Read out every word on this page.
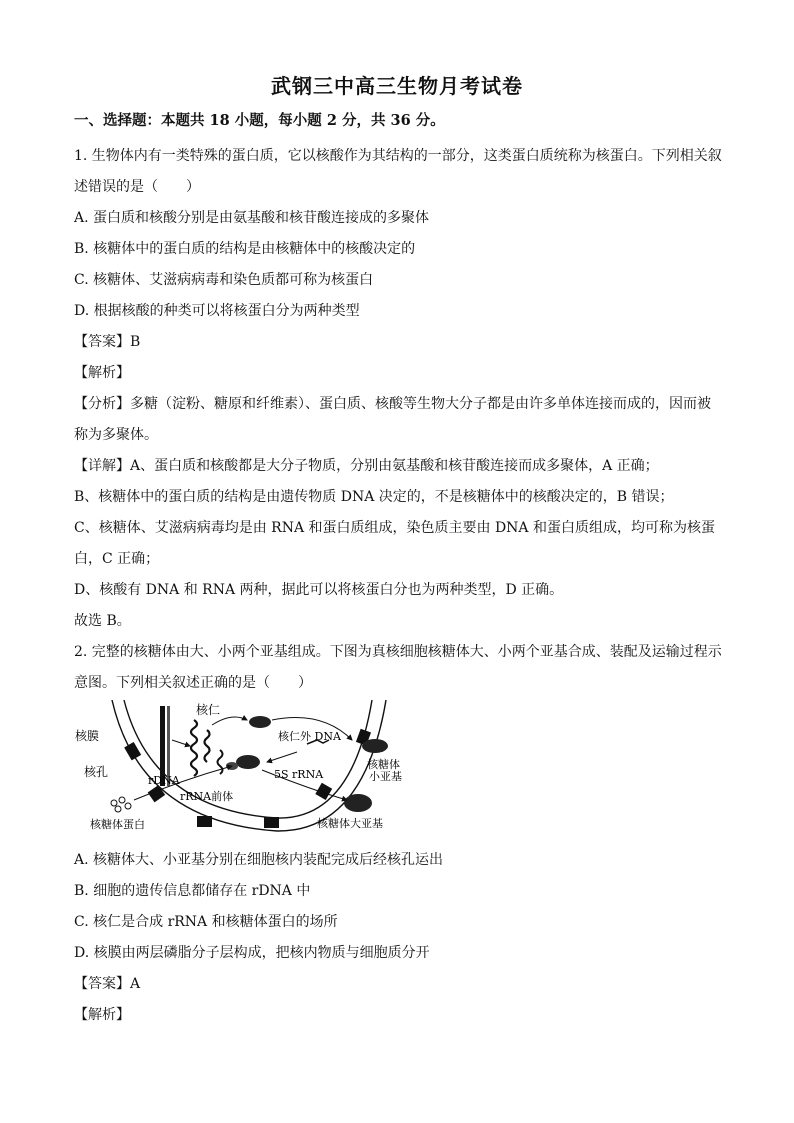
武钢三中高三生物月考试卷
一、选择题：本题共 18 小题，每小题 2 分，共 36 分。
1. 生物体内有一类特殊的蛋白质，它以核酸作为其结构的一部分，这类蛋白质统称为核蛋白。下列相关叙
述错误的是（　　）
A. 蛋白质和核酸分别是由氨基酸和核苷酸连接成的多聚体
B. 核糖体中的蛋白质的结构是由核糖体中的核酸决定的
C. 核糖体、艾滋病病毒和染色质都可称为核蛋白
D. 根据核酸的种类可以将核蛋白分为两种类型
【答案】B
【解析】
【分析】多糖（淀粉、糖原和纤维素）、蛋白质、核酸等生物大分子都是由许多单体连接而成的，因而被
称为多聚体。
【详解】A、蛋白质和核酸都是大分子物质，分别由氨基酸和核苷酸连接而成多聚体，A 正确；
B、核糖体中的蛋白质的结构是由遗传物质 DNA 决定的，不是核糖体中的核酸决定的，B 错误；
C、核糖体、艾滋病病毒均是由 RNA 和蛋白质组成，染色质主要由 DNA 和蛋白质组成，均可称为核蛋
白，C 正确；
D、核酸有 DNA 和 RNA 两种，据此可以将核蛋白分也为两种类型，D 正确。
故选 B。
2. 完整的核糖体由大、小两个亚基组成。下图为真核细胞核糖体大、小两个亚基合成、装配及运输过程示
意图。下列相关叙述正确的是（　　）
核膜
核孔
核仁
核仁外 DNA
rDNA
rRNA前体
5S rRNA
核糖体
小亚基
核糖体大亚基
核糖体蛋白
A. 核糖体大、小亚基分别在细胞核内装配完成后经核孔运出
B. 细胞的遗传信息都储存在 rDNA 中
C. 核仁是合成 rRNA 和核糖体蛋白的场所
D. 核膜由两层磷脂分子层构成，把核内物质与细胞质分开
【答案】A
【解析】
